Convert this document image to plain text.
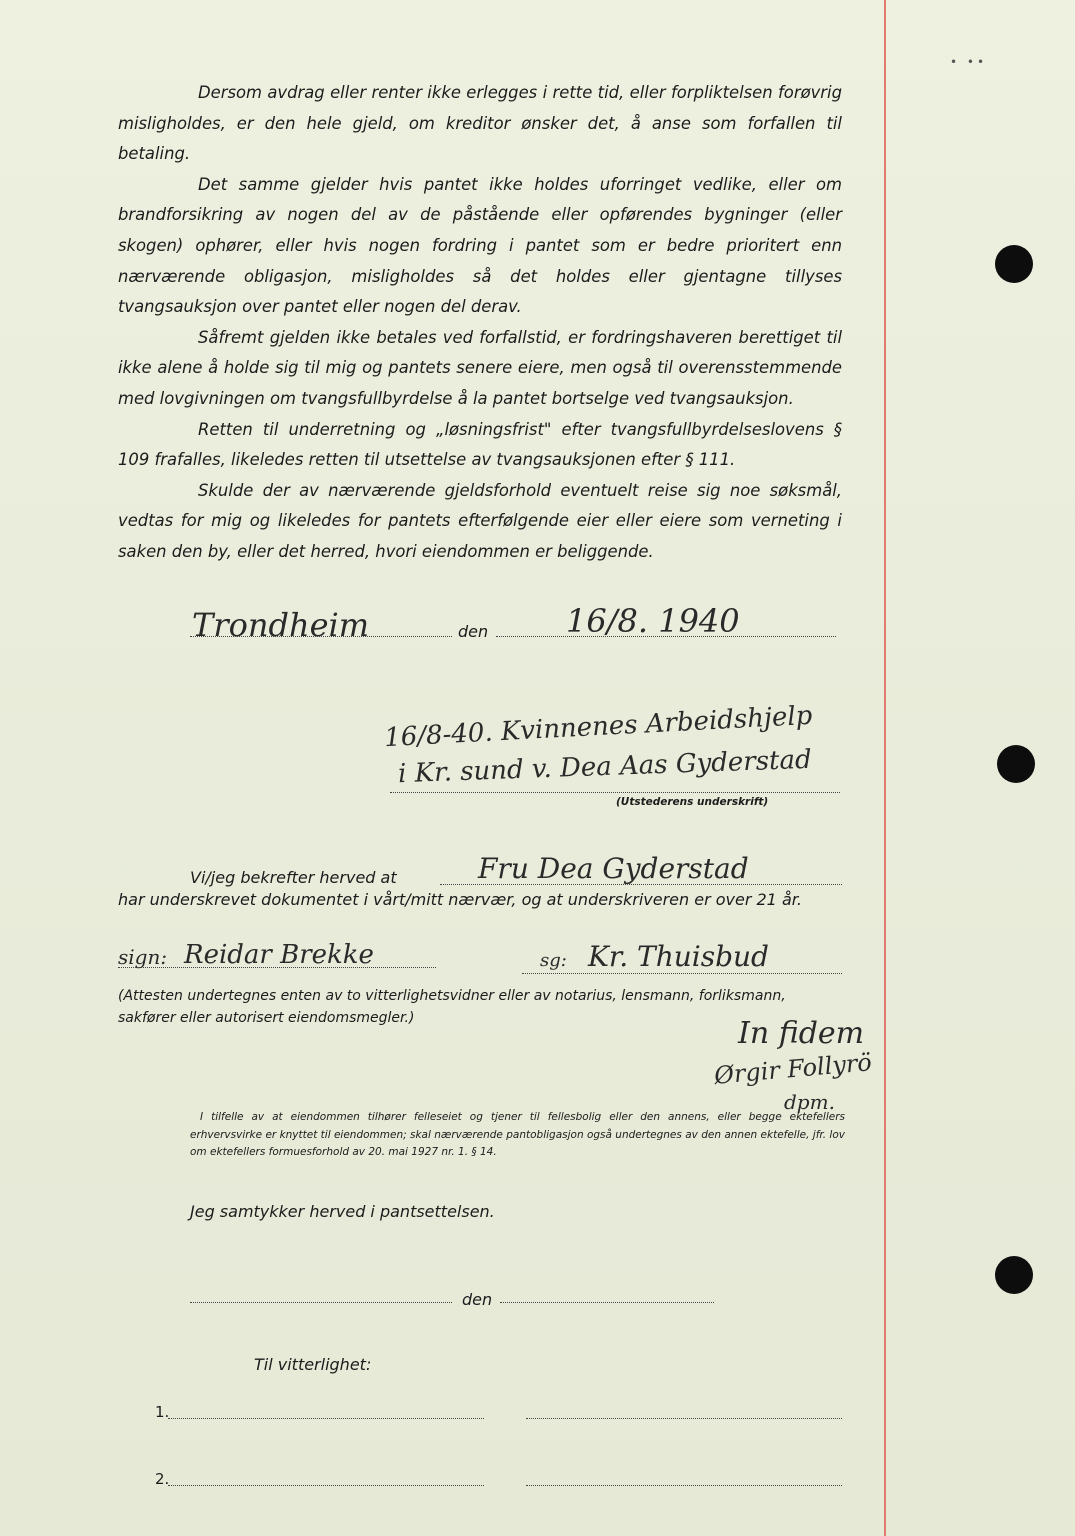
• ••

Dersom avdrag eller renter ikke erlegges i rette tid, eller forpliktelsen forøvrig misligholdes, er den hele gjeld, om kreditor ønsker det, å anse som forfallen til betaling.

Det samme gjelder hvis pantet ikke holdes uforringet vedlike, eller om brandforsikring av nogen del av de påstående eller opførendes bygninger (eller skogen) ophører, eller hvis nogen fordring i pantet som er bedre prioritert enn nærværende obligasjon, misligholdes så det holdes eller gjentagne tillyses tvangsauksjon over pantet eller nogen del derav.

Såfremt gjelden ikke betales ved forfallstid, er fordringshaveren berettiget til ikke alene å holde sig til mig og pantets senere eiere, men også til overensstemmende med lovgivningen om tvangsfullbyrdelse å la pantet bortselge ved tvangsauksjon.

Retten til underretning og „løsningsfrist" efter tvangsfullbyrdelseslovens § 109 frafalles, likeledes retten til utsettelse av tvangsauksjonen efter § 111.

Skulde der av nærværende gjeldsforhold eventuelt reise sig noe søksmål, vedtas for mig og likeledes for pantets efterfølgende eier eller eiere som verneting i saken den by, eller det herred, hvori eiendommen er beliggende.

Trondheim	den 16/8. 1940
16/8-40. Kvinnenes Arbeidshjelp
i Kr. sund v. Dea Aas Gyderstad
(Utstederens underskrift)
Vi/jeg bekrefter herved at	Fru Dea Gyderstad
har underskrevet dokumentet i vårt/mitt nærvær, og at underskriveren er over 21 år.
sign: Reidar Brekke	sg: Kr. Thuisbud
(Attesten undertegnes enten av to vitterlighetsvidner eller av notarius, lensmann, forliksmann, sakfører eller autorisert eiendomsmegler.)	In fidem
Ørgir Follyrö
dpm.
I tilfelle av at eiendommen tilhører felleseiet og tjener til fellesbolig eller den annens, eller begge ektefellers erhvervsvirke er knyttet til eiendommen; skal nærværende pantobligasjon også undertegnes av den annen ektefelle, jfr. lov om ektefellers formuesforhold av 20. mai 1927 nr. 1. § 14.
Jeg samtykker herved i pantsettelsen.
den
Til vitterlighet:
1.
2.
